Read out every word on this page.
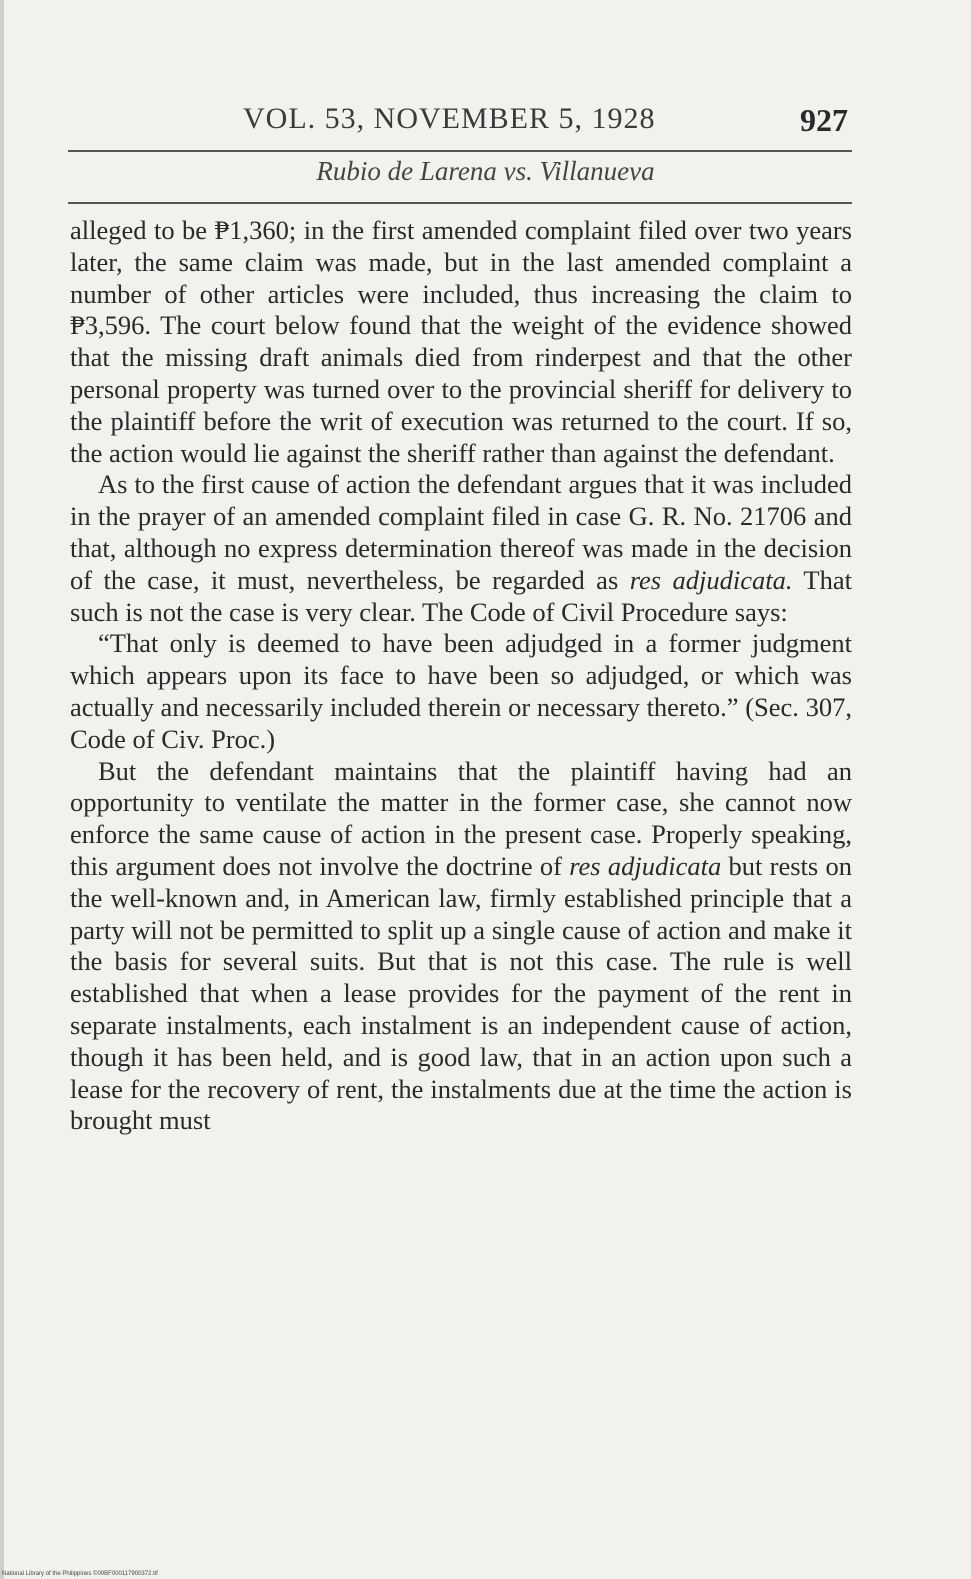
VOL. 53, NOVEMBER 5, 1928	927
Rubio de Larena vs. Villanueva

alleged to be ₱1,360; in the first amended complaint filed over two years later, the same claim was made, but in the last amended complaint a number of other articles were included, thus increasing the claim to ₱3,596. The court below found that the weight of the evidence showed that the missing draft animals died from rinderpest and that the other personal property was turned over to the provincial sheriff for delivery to the plaintiff before the writ of execution was returned to the court. If so, the action would lie against the sheriff rather than against the defendant.

As to the first cause of action the defendant argues that it was included in the prayer of an amended complaint filed in case G. R. No. 21706 and that, although no express determination thereof was made in the decision of the case, it must, nevertheless, be regarded as res adjudicata. That such is not the case is very clear. The Code of Civil Procedure says:

“That only is deemed to have been adjudged in a former judgment which appears upon its face to have been so adjudged, or which was actually and necessarily included therein or necessary thereto.” (Sec. 307, Code of Civ. Proc.)

But the defendant maintains that the plaintiff having had an opportunity to ventilate the matter in the former case, she cannot now enforce the same cause of action in the present case. Properly speaking, this argument does not involve the doctrine of res adjudicata but rests on the well-known and, in American law, firmly established principle that a party will not be permitted to split up a single cause of action and make it the basis for several suits. But that is not this case. The rule is well established that when a lease provides for the payment of the rent in separate instalments, each instalment is an independent cause of action, though it has been held, and is good law, that in an action upon such a lease for the recovery of rent, the instalments due at the time the action is brought must

National Library of the Philippines ©00BF000117900372.tif
